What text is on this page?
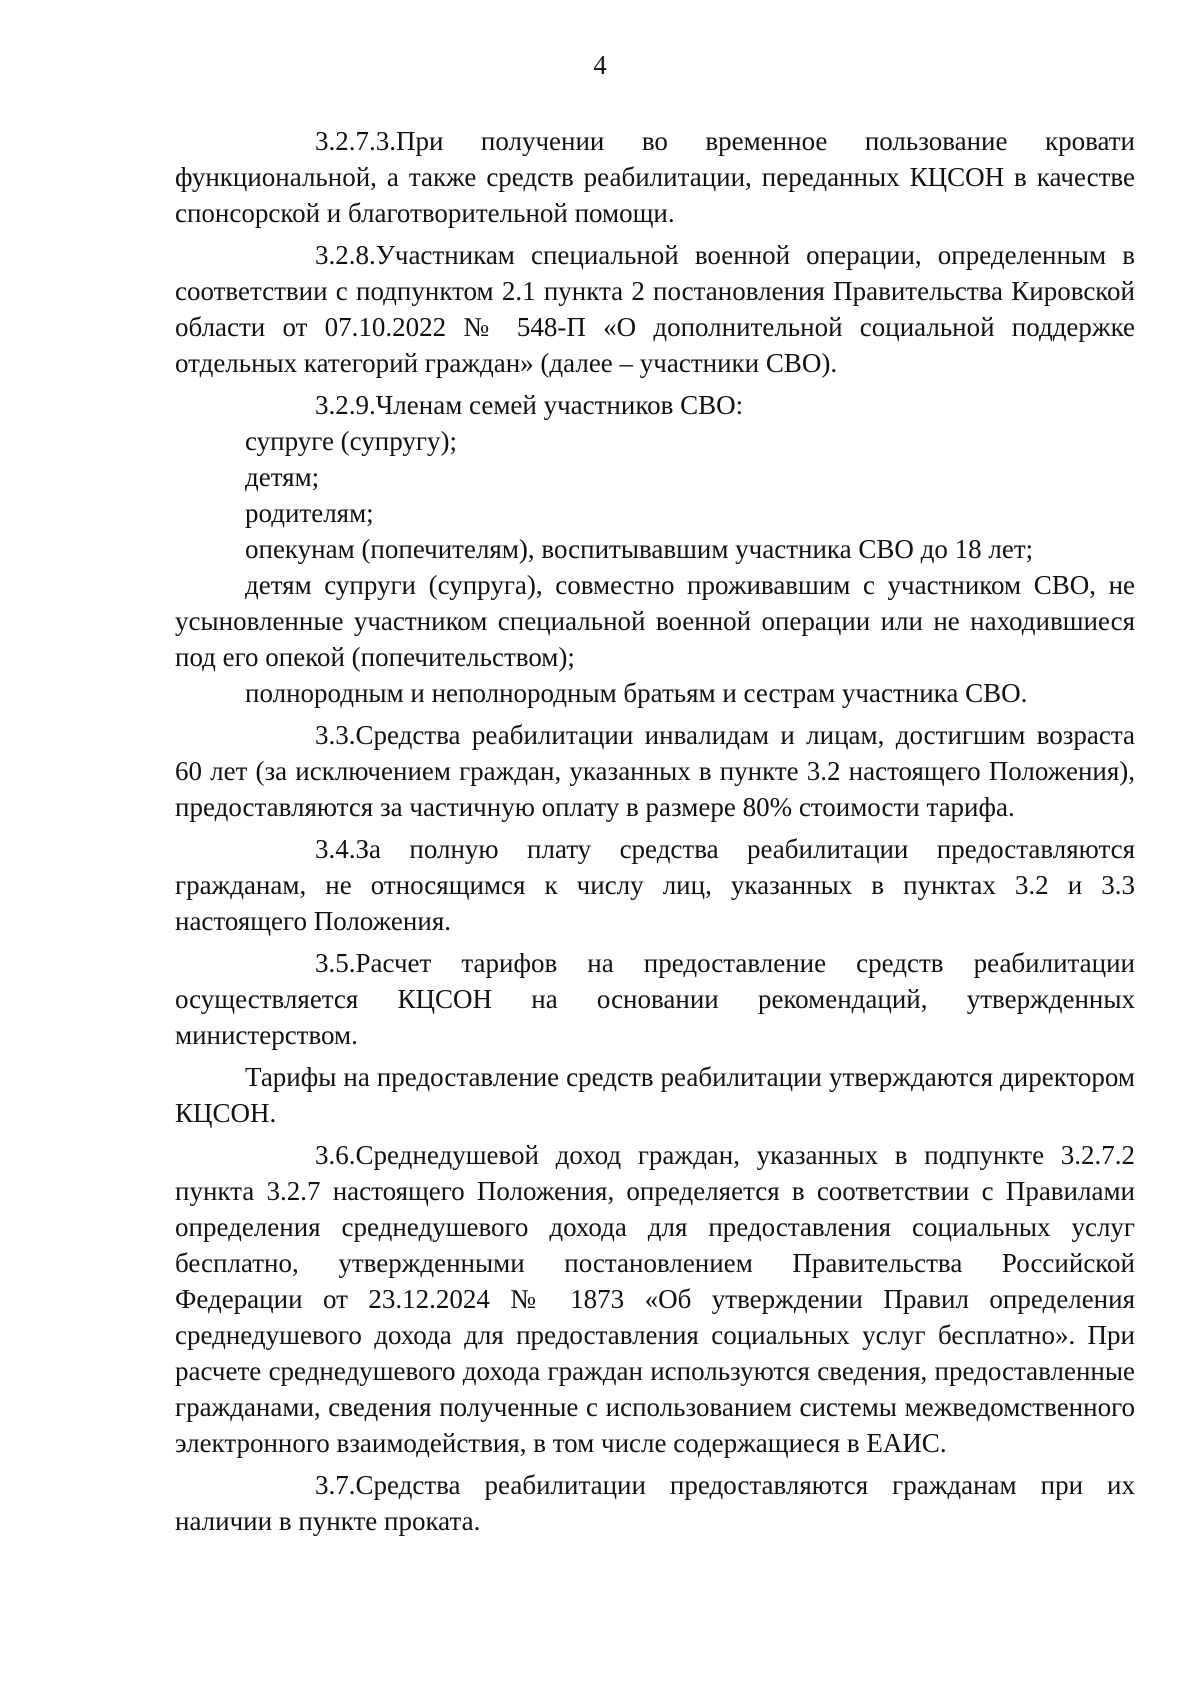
4

3.2.7.3.При получении во временное пользование кровати функциональной, а также средств реабилитации, переданных КЦСОН в качестве спонсорской и благотворительной помощи.

3.2.8.Участникам специальной военной операции, определенным в соответствии с подпунктом 2.1 пункта 2 постановления Правительства Кировской области от 07.10.2022 № 548-П «О дополнительной социальной поддержке отдельных категорий граждан» (далее – участники СВО).

3.2.9.Членам семей участников СВО:

супруге (супругу);

детям;

родителям;

опекунам (попечителям), воспитывавшим участника СВО до 18 лет;

детям супруги (супруга), совместно проживавшим с участником СВО, не усыновленные участником специальной военной операции или не находившиеся под его опекой (попечительством);

полнородным и неполнородным братьям и сестрам участника СВО.

3.3.Средства реабилитации инвалидам и лицам, достигшим возраста 60 лет (за исключением граждан, указанных в пункте 3.2 настоящего Положения), предоставляются за частичную оплату в размере 80% стоимости тарифа.

3.4.За полную плату средства реабилитации предоставляются гражданам, не относящимся к числу лиц, указанных в пунктах 3.2 и 3.3 настоящего Положения.

3.5.Расчет тарифов на предоставление средств реабилитации осуществляется КЦСОН на основании рекомендаций, утвержденных министерством.

Тарифы на предоставление средств реабилитации утверждаются директором КЦСОН.

3.6.Среднедушевой доход граждан, указанных в подпункте 3.2.7.2 пункта 3.2.7 настоящего Положения, определяется в соответствии с Правилами определения среднедушевого дохода для предоставления социальных услуг бесплатно, утвержденными постановлением Правительства Российской Федерации от 23.12.2024 № 1873 «Об утверждении Правил определения среднедушевого дохода для предоставления социальных услуг бесплатно». При расчете среднедушевого дохода граждан используются сведения, предоставленные гражданами, сведения полученные с использованием системы межведомственного электронного взаимодействия, в том числе содержащиеся в ЕАИС.

3.7.Средства реабилитации предоставляются гражданам при их наличии в пункте проката.
